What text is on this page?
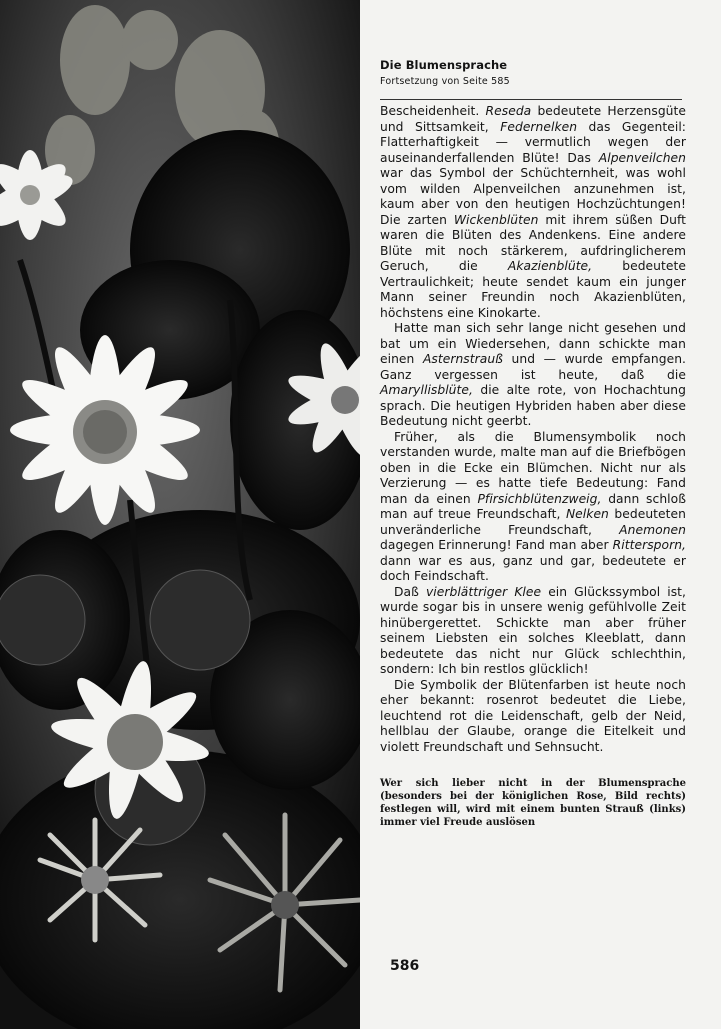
Die Blumensprache
Fortsetzung von Seite 585

Bescheidenheit. Reseda bedeutete Herzensgüte und Sittsamkeit, Federnelken das Gegenteil: Flatterhaftigkeit — vermutlich wegen der auseinanderfallenden Blüte! Das Alpenveilchen war das Symbol der Schüchternheit, was wohl vom wilden Alpenveilchen anzunehmen ist, kaum aber von den heutigen Hochzüchtungen! Die zarten Wickenblüten mit ihrem süßen Duft waren die Blüten des Andenkens. Eine andere Blüte mit noch stärkerem, aufdringlicherem Geruch, die Akazienblüte, bedeutete Vertraulichkeit; heute sendet kaum ein junger Mann seiner Freundin noch Akazienblüten, höchstens eine Kinokarte.

Hatte man sich sehr lange nicht gesehen und bat um ein Wiedersehen, dann schickte man einen Asternstrauß und — wurde empfangen. Ganz vergessen ist heute, daß die Amaryllisblüte, die alte rote, von Hochachtung sprach. Die heutigen Hybriden haben aber diese Bedeutung nicht geerbt.

Früher, als die Blumensymbolik noch verstanden wurde, malte man auf die Briefbögen oben in die Ecke ein Blümchen. Nicht nur als Verzierung — es hatte tiefe Bedeutung: Fand man da einen Pfirsichblütenzweig, dann schloß man auf treue Freundschaft, Nelken bedeuteten unveränderliche Freundschaft, Anemonen dagegen Erinnerung! Fand man aber Rittersporn, dann war es aus, ganz und gar, bedeutete er doch Feindschaft.

Daß vierblättriger Klee ein Glückssymbol ist, wurde sogar bis in unsere wenig gefühlvolle Zeit hinübergerettet. Schickte man aber früher seinem Liebsten ein solches Kleeblatt, dann bedeutete das nicht nur Glück schlechthin, sondern: Ich bin restlos glücklich!

Die Symbolik der Blütenfarben ist heute noch eher bekannt: rosenrot bedeutet die Liebe, leuchtend rot die Leidenschaft, gelb der Neid, hellblau der Glaube, orange die Eitelkeit und violett Freundschaft und Sehnsucht.

Wer sich lieber nicht in der Blumensprache (besonders bei der königlichen Rose, Bild rechts) festlegen will, wird mit einem bunten Strauß (links) immer viel Freude auslösen
586
